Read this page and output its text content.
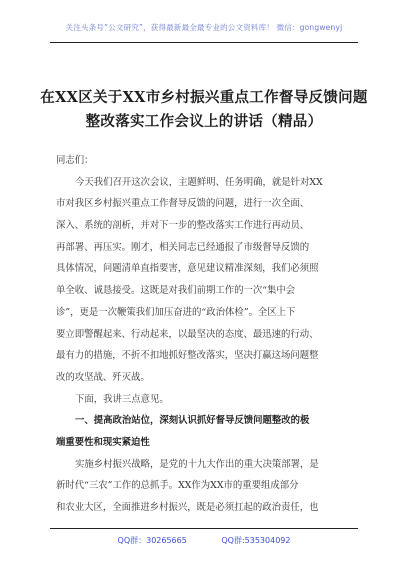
关注头条号“公文研究”，获得最新最全最专业的公文资料库！ 微信：gongwenyj
在XX区关于XX市乡村振兴重点工作督导反馈问题
整改落实工作会议上的讲话（精品）
同志们：
今天我们召开这次会议，主题鲜明、任务明确，就是针对XX
市对我区乡村振兴重点工作督导反馈的问题，进行一次全面、
深入、系统的剖析，并对下一步的整改落实工作进行再动员、
再部署、再压实。刚才，相关同志已经通报了市级督导反馈的
具体情况，问题清单直指要害，意见建议精准深刻，我们必须照
单全收、诚恳接受。这既是对我们前期工作的一次“集中会
诊”，更是一次鞭策我们加压奋进的“政治体检”。全区上下
要立即警醒起来、行动起来，以最坚决的态度、最迅速的行动、
最有力的措施，不折不扣地抓好整改落实，坚决打赢这场问题整
改的攻坚战、歼灭战。
下面，我讲三点意见。
一、提高政治站位，深刻认识抓好督导反馈问题整改的极
端重要性和现实紧迫性
实施乡村振兴战略，是党的十九大作出的重大决策部署，是
新时代“三农”工作的总抓手。XX作为XX市的重要组成部分
和农业大区，全面推进乡村振兴，既是必须扛起的政治责任，也
QQ群：30265665	QQ群:535304092
